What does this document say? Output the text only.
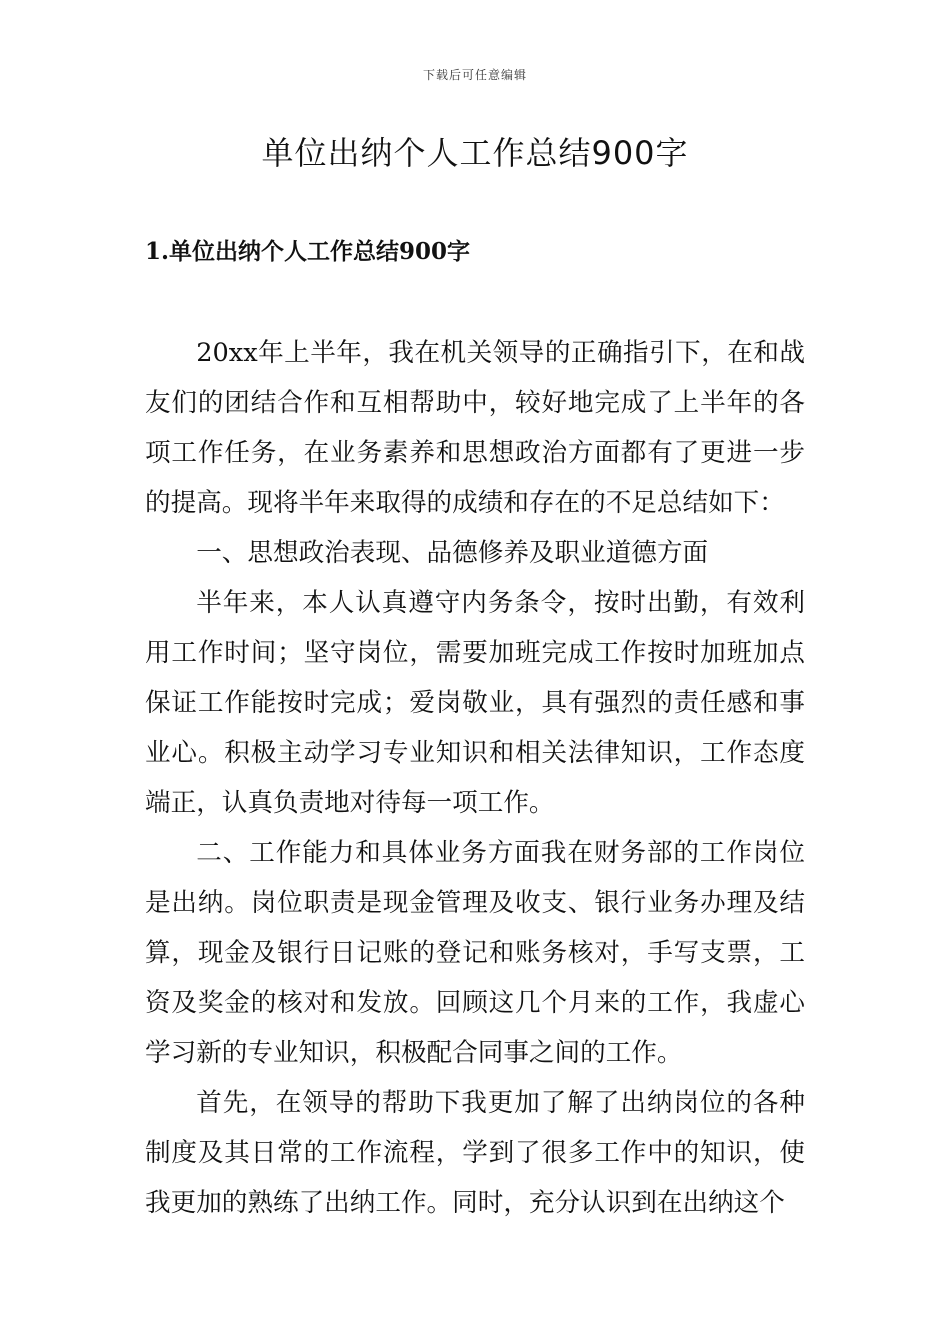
下载后可任意编辑
单位出纳个人工作总结900字
1.单位出纳个人工作总结900字

20xx年上半年，我在机关领导的正确指引下，在和战友们的团结合作和互相帮助中，较好地完成了上半年的各项工作任务，在业务素养和思想政治方面都有了更进一步的提高。现将半年来取得的成绩和存在的不足总结如下：

一、思想政治表现、品德修养及职业道德方面

半年来，本人认真遵守内务条令，按时出勤，有效利用工作时间；坚守岗位，需要加班完成工作按时加班加点保证工作能按时完成；爱岗敬业，具有强烈的责任感和事业心。积极主动学习专业知识和相关法律知识，工作态度端正，认真负责地对待每一项工作。

二、工作能力和具体业务方面我在财务部的工作岗位是出纳。岗位职责是现金管理及收支、银行业务办理及结算，现金及银行日记账的登记和账务核对，手写支票，工资及奖金的核对和发放。回顾这几个月来的工作，我虚心学习新的专业知识，积极配合同事之间的工作。

首先，在领导的帮助下我更加了解了出纳岗位的各种制度及其日常的工作流程，学到了很多工作中的知识，使我更加的熟练了出纳工作。同时，充分认识到在出纳这个
